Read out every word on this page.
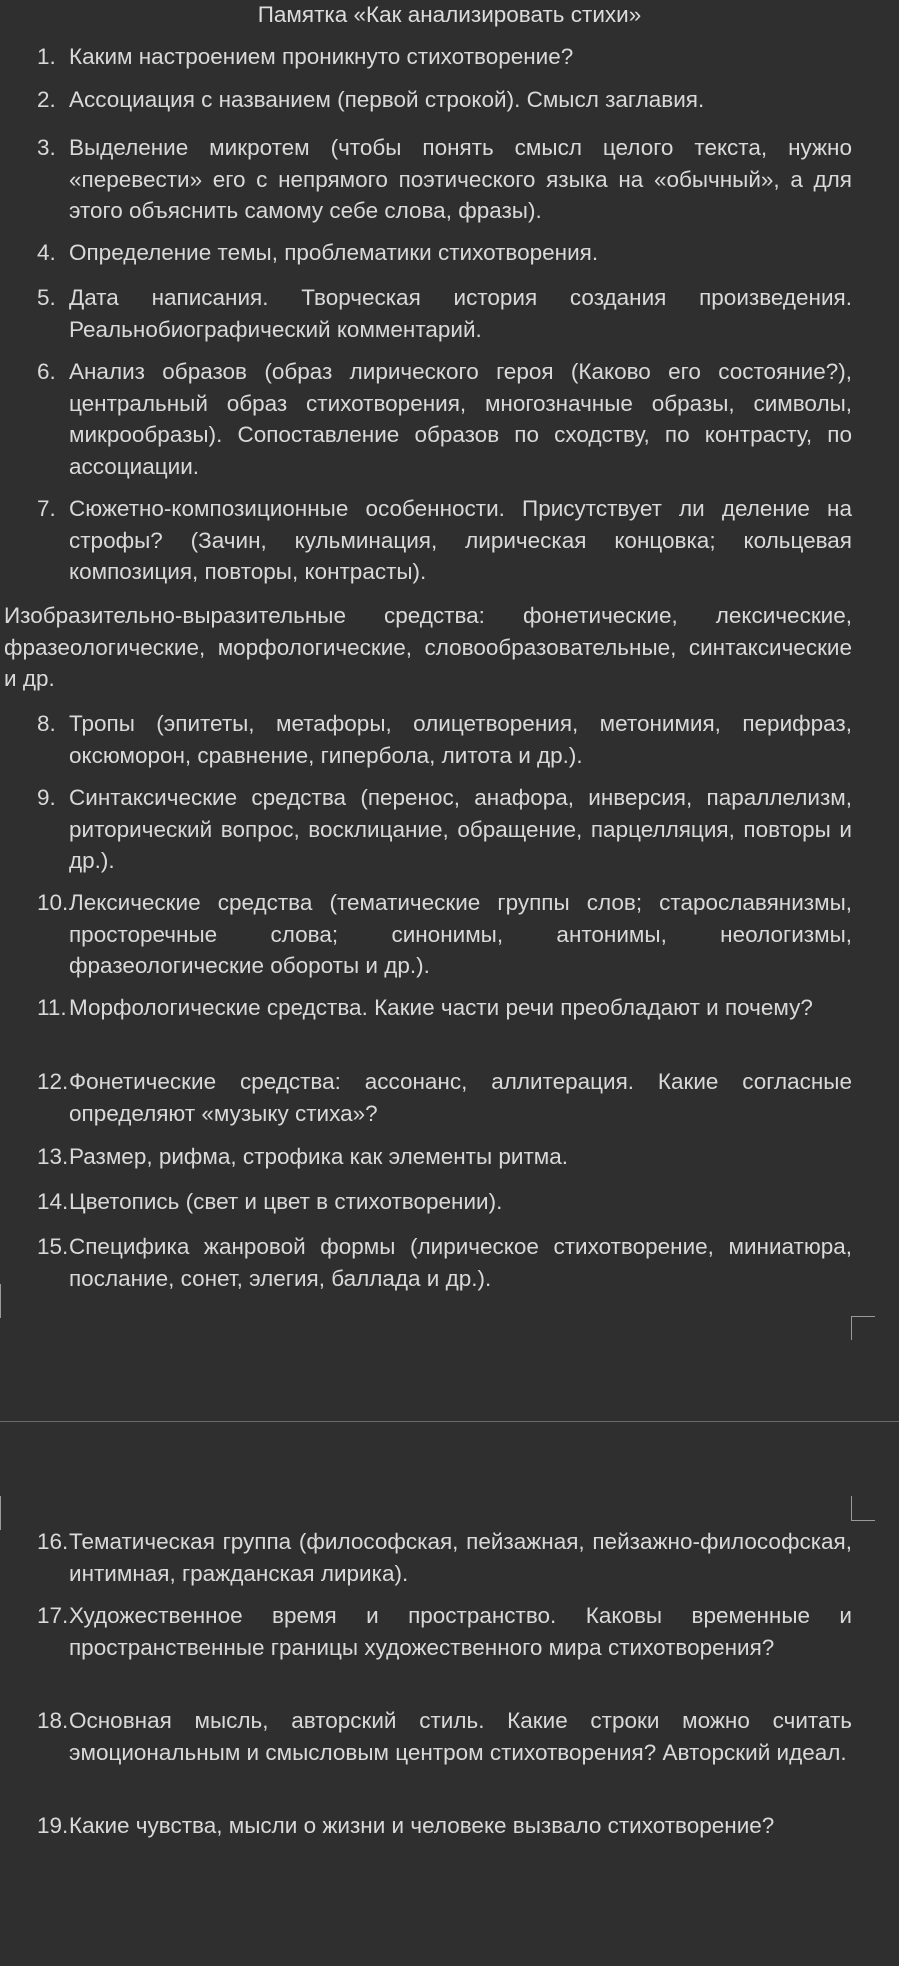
Памятка «Как анализировать стихи»
1. Каким настроением проникнуто стихотворение?
2. Ассоциация с названием (первой строкой). Смысл заглавия.
3. Выделение микротем (чтобы понять смысл целого текста, нужно «перевести» его с непрямого поэтического языка на «обычный», а для этого объяснить самому себе слова, фразы).
4. Определение темы, проблематики стихотворения.
5. Дата написания. Творческая история создания произведения. Реальнобиографический комментарий.
6. Анализ образов (образ лирического героя (Каково его состояние?), центральный образ стихотворения, многозначные образы, символы, микрообразы). Сопоставление образов по сходству, по контрасту, по ассоциации.
7. Сюжетно-композиционные особенности. Присутствует ли деление на строфы? (Зачин, кульминация, лирическая концовка; кольцевая композиция, повторы, контрасты).
Изобразительно-выразительные средства: фонетические, лексические, фразеологические, морфологические, словообразовательные, синтаксические и др.
8. Тропы (эпитеты, метафоры, олицетворения, метонимия, перифраз, оксюморон, сравнение, гипербола, литота и др.).
9. Синтаксические средства (перенос, анафора, инверсия, параллелизм, риторический вопрос, восклицание, обращение, парцелляция, повторы и др.).
10. Лексические средства (тематические группы слов; старославянизмы, просторечные слова; синонимы, антонимы, неологизмы, фразеологические обороты и др.).
11. Морфологические средства. Какие части речи преобладают и почему?
12. Фонетические средства: ассонанс, аллитерация. Какие согласные определяют «музыку стиха»?
13. Размер, рифма, строфика как элементы ритма.
14. Цветопись (свет и цвет в стихотворении).
15. Специфика жанровой формы (лирическое стихотворение, миниатюра, послание, сонет, элегия, баллада и др.).
16. Тематическая группа (философская, пейзажная, пейзажно-философская, интимная, гражданская лирика).
17. Художественное время и пространство. Каковы временные и пространственные границы художественного мира стихотворения?
18. Основная мысль, авторский стиль. Какие строки можно считать эмоциональным и смысловым центром стихотворения? Авторский идеал.
19. Какие чувства, мысли о жизни и человеке вызвало стихотворение?
